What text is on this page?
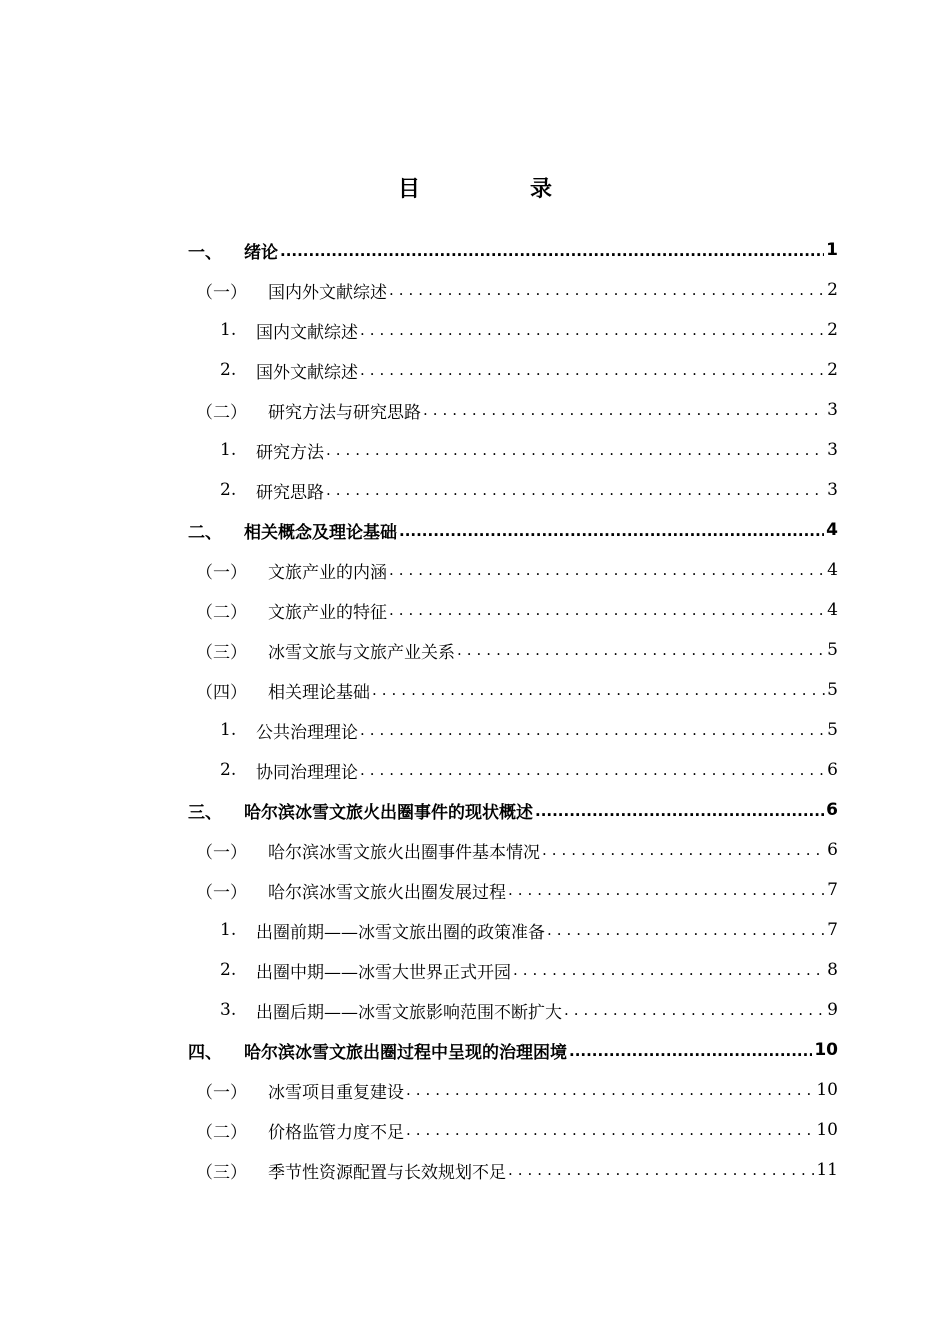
目　录
一、	绪论 .....	1
（一）	国内外文献综述 .....	2
1.	国内文献综述 .....	2
2.	国外文献综述 .....	2
（二）	研究方法与研究思路 .....	3
1.	研究方法 .....	3
2.	研究思路 .....	3
二、	相关概念及理论基础 .....	4
（一）	文旅产业的内涵 .....	4
（二）	文旅产业的特征 .....	4
（三）	冰雪文旅与文旅产业关系 .....	5
（四）	相关理论基础 .....	5
1.	公共治理理论 .....	5
2.	协同治理理论 .....	6
三、	哈尔滨冰雪文旅火出圈事件的现状概述 .....	6
（一）	哈尔滨冰雪文旅火出圈事件基本情况 .....	6
（一）	哈尔滨冰雪文旅火出圈发展过程 .....	7
1.	出圈前期——冰雪文旅出圈的政策准备 .....	7
2.	出圈中期——冰雪大世界正式开园 .....	8
3.	出圈后期——冰雪文旅影响范围不断扩大 .....	9
四、	哈尔滨冰雪文旅出圈过程中呈现的治理困境 .....	10
（一）	冰雪项目重复建设 .....	10
（二）	价格监管力度不足 .....	10
（三）	季节性资源配置与长效规划不足 .....	11
